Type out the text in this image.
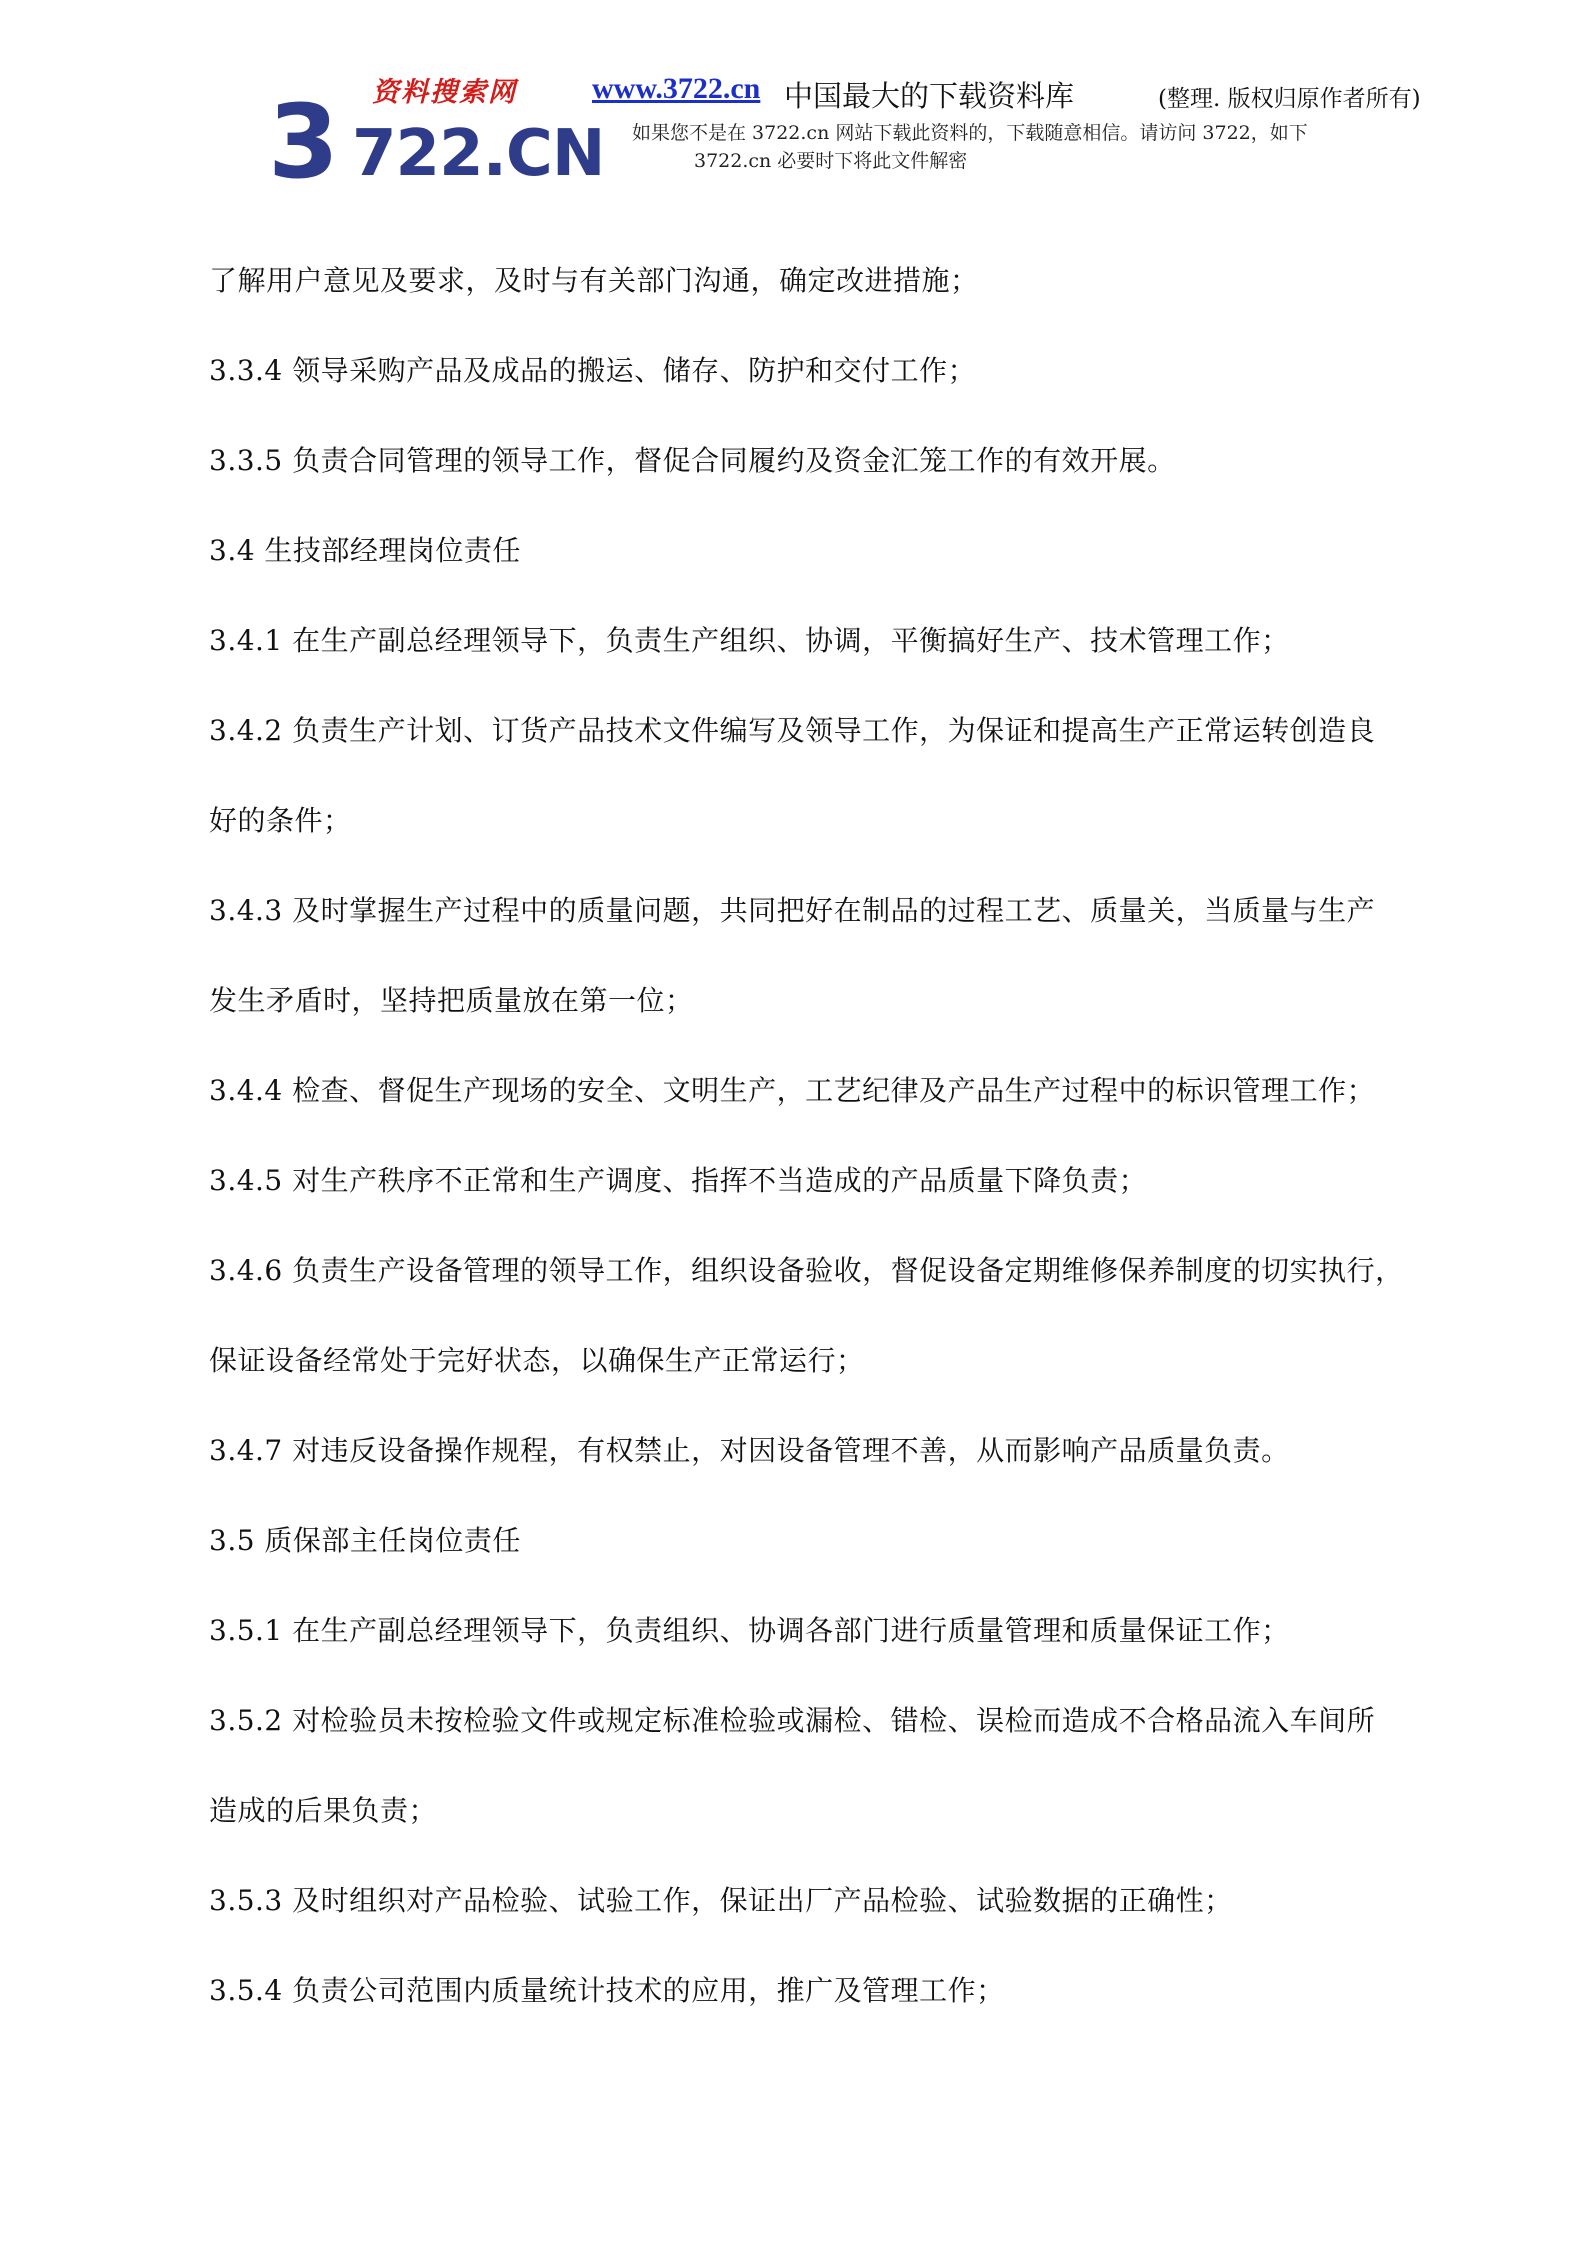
资料搜索网
3 722.CN
www.3722.cn 中国最大的下载资料库	(整理. 版权归原作者所有)
如果您不是在 3722.cn 网站下载此资料的，下载随意相信。请访问 3722，如下
3722.cn 必要时下将此文件解密
了解用户意见及要求，及时与有关部门沟通，确定改进措施；
3.3.4 领导采购产品及成品的搬运、储存、防护和交付工作；
3.3.5 负责合同管理的领导工作，督促合同履约及资金汇笼工作的有效开展。
3.4 生技部经理岗位责任
3.4.1 在生产副总经理领导下，负责生产组织、协调，平衡搞好生产、技术管理工作；
3.4.2 负责生产计划、订货产品技术文件编写及领导工作，为保证和提高生产正常运转创造良
好的条件；
3.4.3 及时掌握生产过程中的质量问题，共同把好在制品的过程工艺、质量关，当质量与生产
发生矛盾时，坚持把质量放在第一位；
3.4.4 检查、督促生产现场的安全、文明生产，工艺纪律及产品生产过程中的标识管理工作；
3.4.5 对生产秩序不正常和生产调度、指挥不当造成的产品质量下降负责；
3.4.6 负责生产设备管理的领导工作，组织设备验收，督促设备定期维修保养制度的切实执行，
保证设备经常处于完好状态，以确保生产正常运行；
3.4.7 对违反设备操作规程，有权禁止，对因设备管理不善，从而影响产品质量负责。
3.5 质保部主任岗位责任
3.5.1 在生产副总经理领导下，负责组织、协调各部门进行质量管理和质量保证工作；
3.5.2 对检验员未按检验文件或规定标准检验或漏检、错检、误检而造成不合格品流入车间所
造成的后果负责；
3.5.3 及时组织对产品检验、试验工作，保证出厂产品检验、试验数据的正确性；
3.5.4 负责公司范围内质量统计技术的应用，推广及管理工作；
